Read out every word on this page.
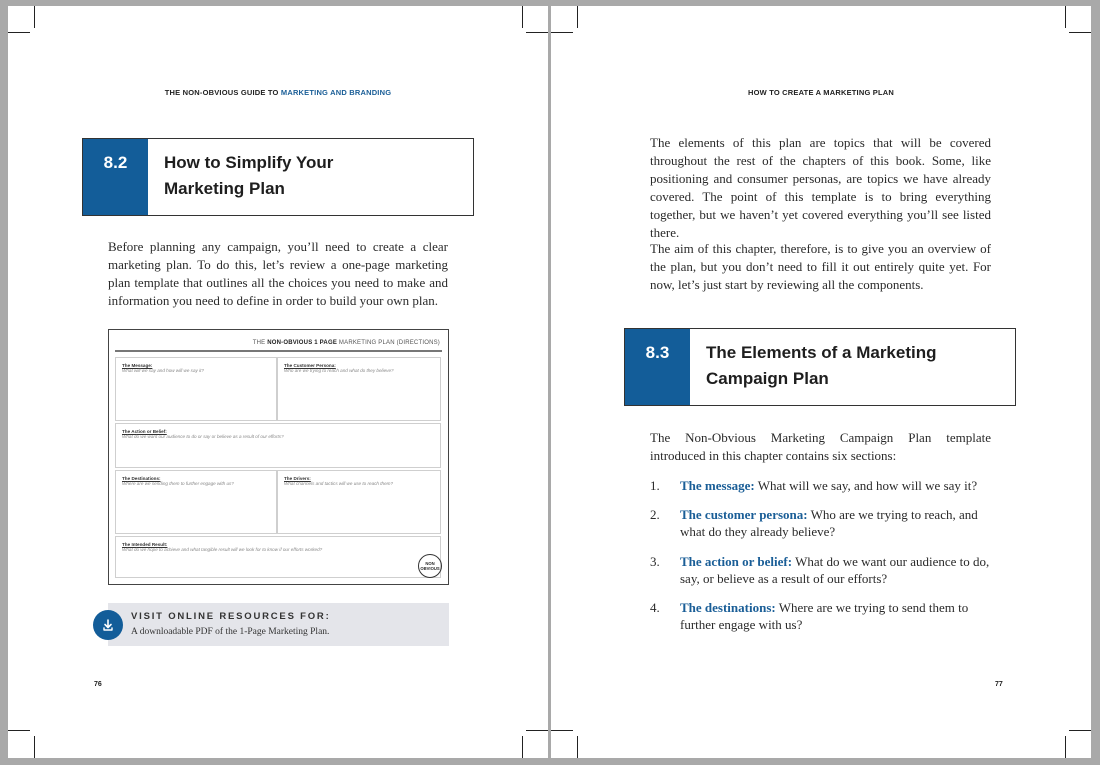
THE NON-OBVIOUS GUIDE TO MARKETING AND BRANDING
8.2	How to Simplify Your Marketing Plan
Before planning any campaign, you’ll need to create a clear marketing plan. To do this, let’s review a one-page marketing plan template that outlines all the choices you need to make and information you need to define in order to build your own plan.
THE NON-OBVIOUS 1 PAGE MARKETING PLAN (DIRECTIONS)
The Message:
What will we say and how will we say it?
The Customer Persona:
Who are we trying to reach and what do they believe?
The Action or Belief:
What do we want our audience to do or say or believe as a result of our efforts?
The Destinations:
Where are we sending them to further engage with us?
The Drivers:
What channels and tactics will we use to reach them?
The Intended Result:
What do we hope to achieve and what tangible result will we look for to know if our efforts worked?
NON OBVIOUS
VISIT ONLINE RESOURCES FOR:
A downloadable PDF of the 1-Page Marketing Plan.
76
HOW TO CREATE A MARKETING PLAN
The elements of this plan are topics that will be covered throughout the rest of the chapters of this book. Some, like positioning and consumer personas, are topics we have already covered. The point of this template is to bring everything together, but we haven’t yet covered everything you’ll see listed there.
The aim of this chapter, therefore, is to give you an overview of the plan, but you don’t need to fill it out entirely quite yet. For now, let’s just start by reviewing all the components.
8.3	The Elements of a Marketing Campaign Plan
The Non-Obvious Marketing Campaign Plan template introduced in this chapter contains six sections:
1.	The message: What will we say, and how will we say it?
2.	The customer persona: Who are we trying to reach, and what do they already believe?
3.	The action or belief: What do we want our audience to do, say, or believe as a result of our efforts?
4.	The destinations: Where are we trying to send them to further engage with us?
77
